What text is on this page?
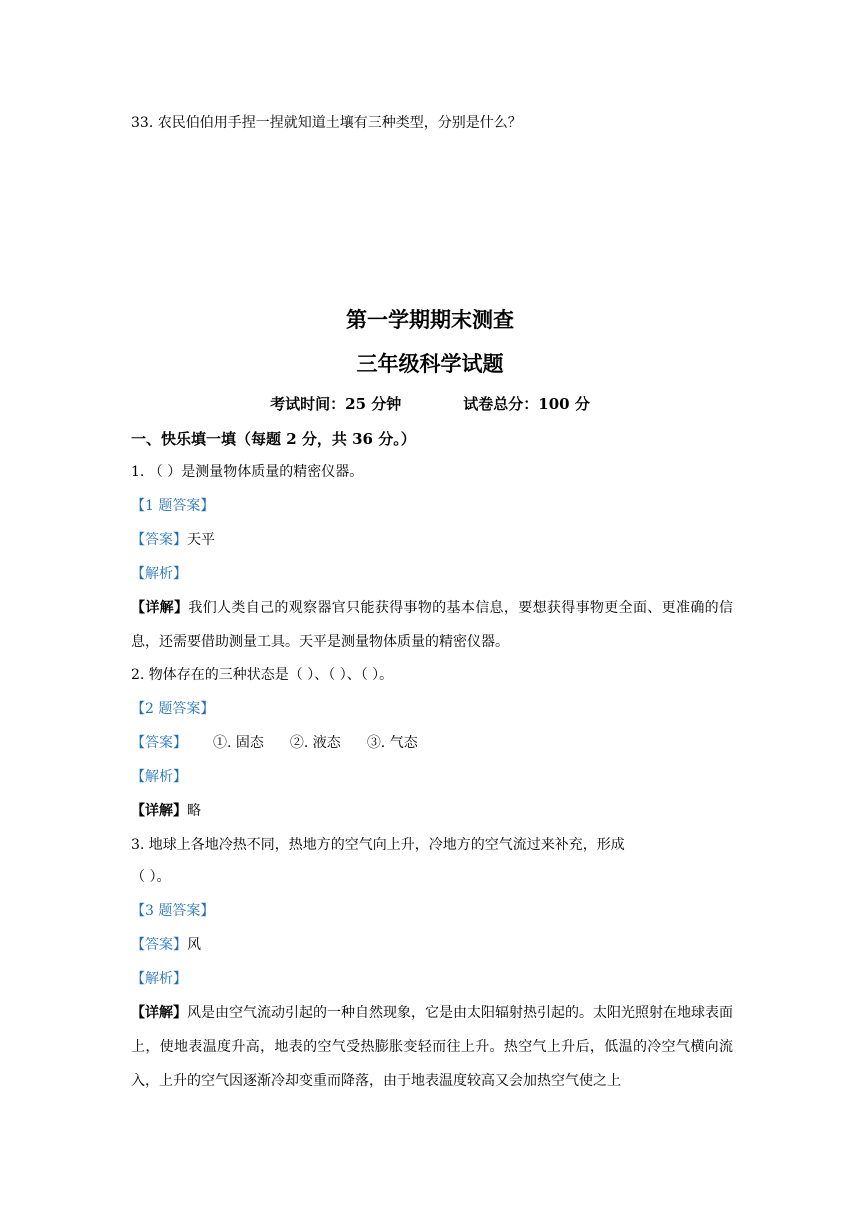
33. 农民伯伯用手捏一捏就知道土壤有三种类型，分别是什么？
第一学期期末测查
三年级科学试题
考试时间：25 分钟	试卷总分：100 分
一、快乐填一填（每题 2 分，共 36 分。）
1. （ ）是测量物体质量的精密仪器。
【1 题答案】
【答案】天平
【解析】
【详解】我们人类自己的观察器官只能获得事物的基本信息，要想获得事物更全面、更准确的信息，还需要借助测量工具。天平是测量物体质量的精密仪器。
2. 物体存在的三种状态是（ ）、（ ）、（ ）。
【2 题答案】
【答案】 ①. 固态 ②. 液态 ③. 气态
【解析】
【详解】略
3. 地球上各地冷热不同，热地方的空气向上升，冷地方的空气流过来补充，形成
（ ）。
【3 题答案】
【答案】风
【解析】
【详解】风是由空气流动引起的一种自然现象，它是由太阳辐射热引起的。太阳光照射在地球表面上，使地表温度升高，地表的空气受热膨胀变轻而往上升。热空气上升后，低温的冷空气横向流入，上升的空气因逐渐冷却变重而降落，由于地表温度较高又会加热空气使之上
